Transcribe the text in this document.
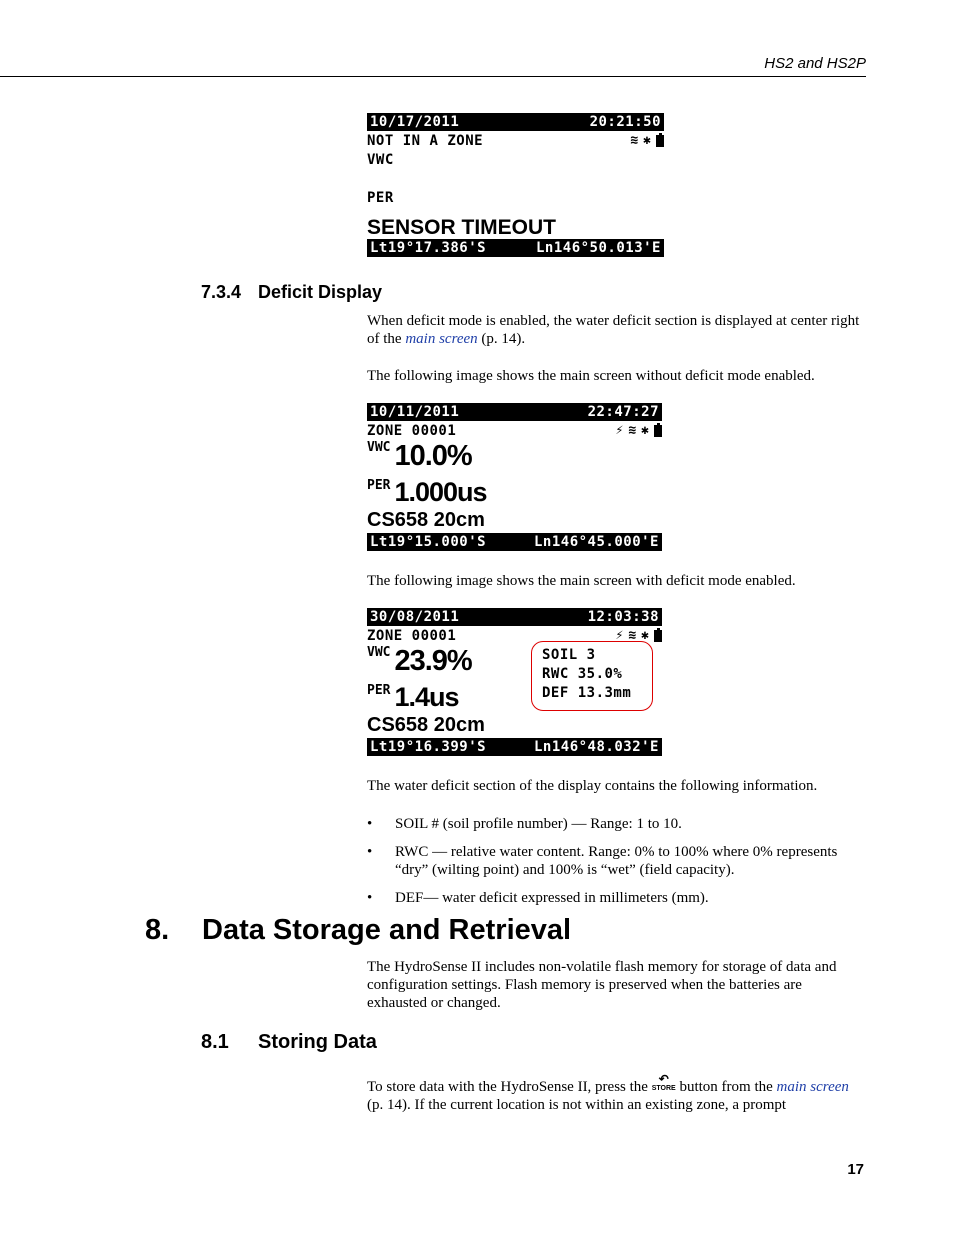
HS2 and HS2P
10/17/2011	20:21:50
NOT IN A ZONE	≋ ✱
VWC
PER
SENSOR TIMEOUT
Lt19°17.386'S	Ln146°50.013'E
7.3.4 Deficit Display
When deficit mode is enabled, the water deficit section is displayed at center right of the main screen (p. 14).
The following image shows the main screen without deficit mode enabled.
10/11/2011	22:47:27
ZONE 00001	⚡ ≋ ✱
VWC 10.0%
PER 1.000us
CS658 20cm
Lt19°15.000'S	Ln146°45.000'E
The following image shows the main screen with deficit mode enabled.
30/08/2011	12:03:38
ZONE 00001	⚡ ≋ ✱
VWC 23.9%
PER 1.4us
CS658 20cm
Lt19°16.399'S	Ln146°48.032'E
SOIL 3
RWC 35.0%
DEF 13.3mm
The water deficit section of the display contains the following information.
• SOIL # (soil profile number) — Range: 1 to 10.
• RWC — relative water content. Range: 0% to 100% where 0% represents “dry” (wilting point) and 100% is “wet” (field capacity).
• DEF— water deficit expressed in millimeters (mm).
8. Data Storage and Retrieval
The HydroSense II includes non-volatile flash memory for storage of data and configuration settings. Flash memory is preserved when the batteries are exhausted or changed.
8.1 Storing Data
To store data with the HydroSense II, press the ↶
STORE button from the main screen (p. 14). If the current location is not within an existing zone, a prompt
17
